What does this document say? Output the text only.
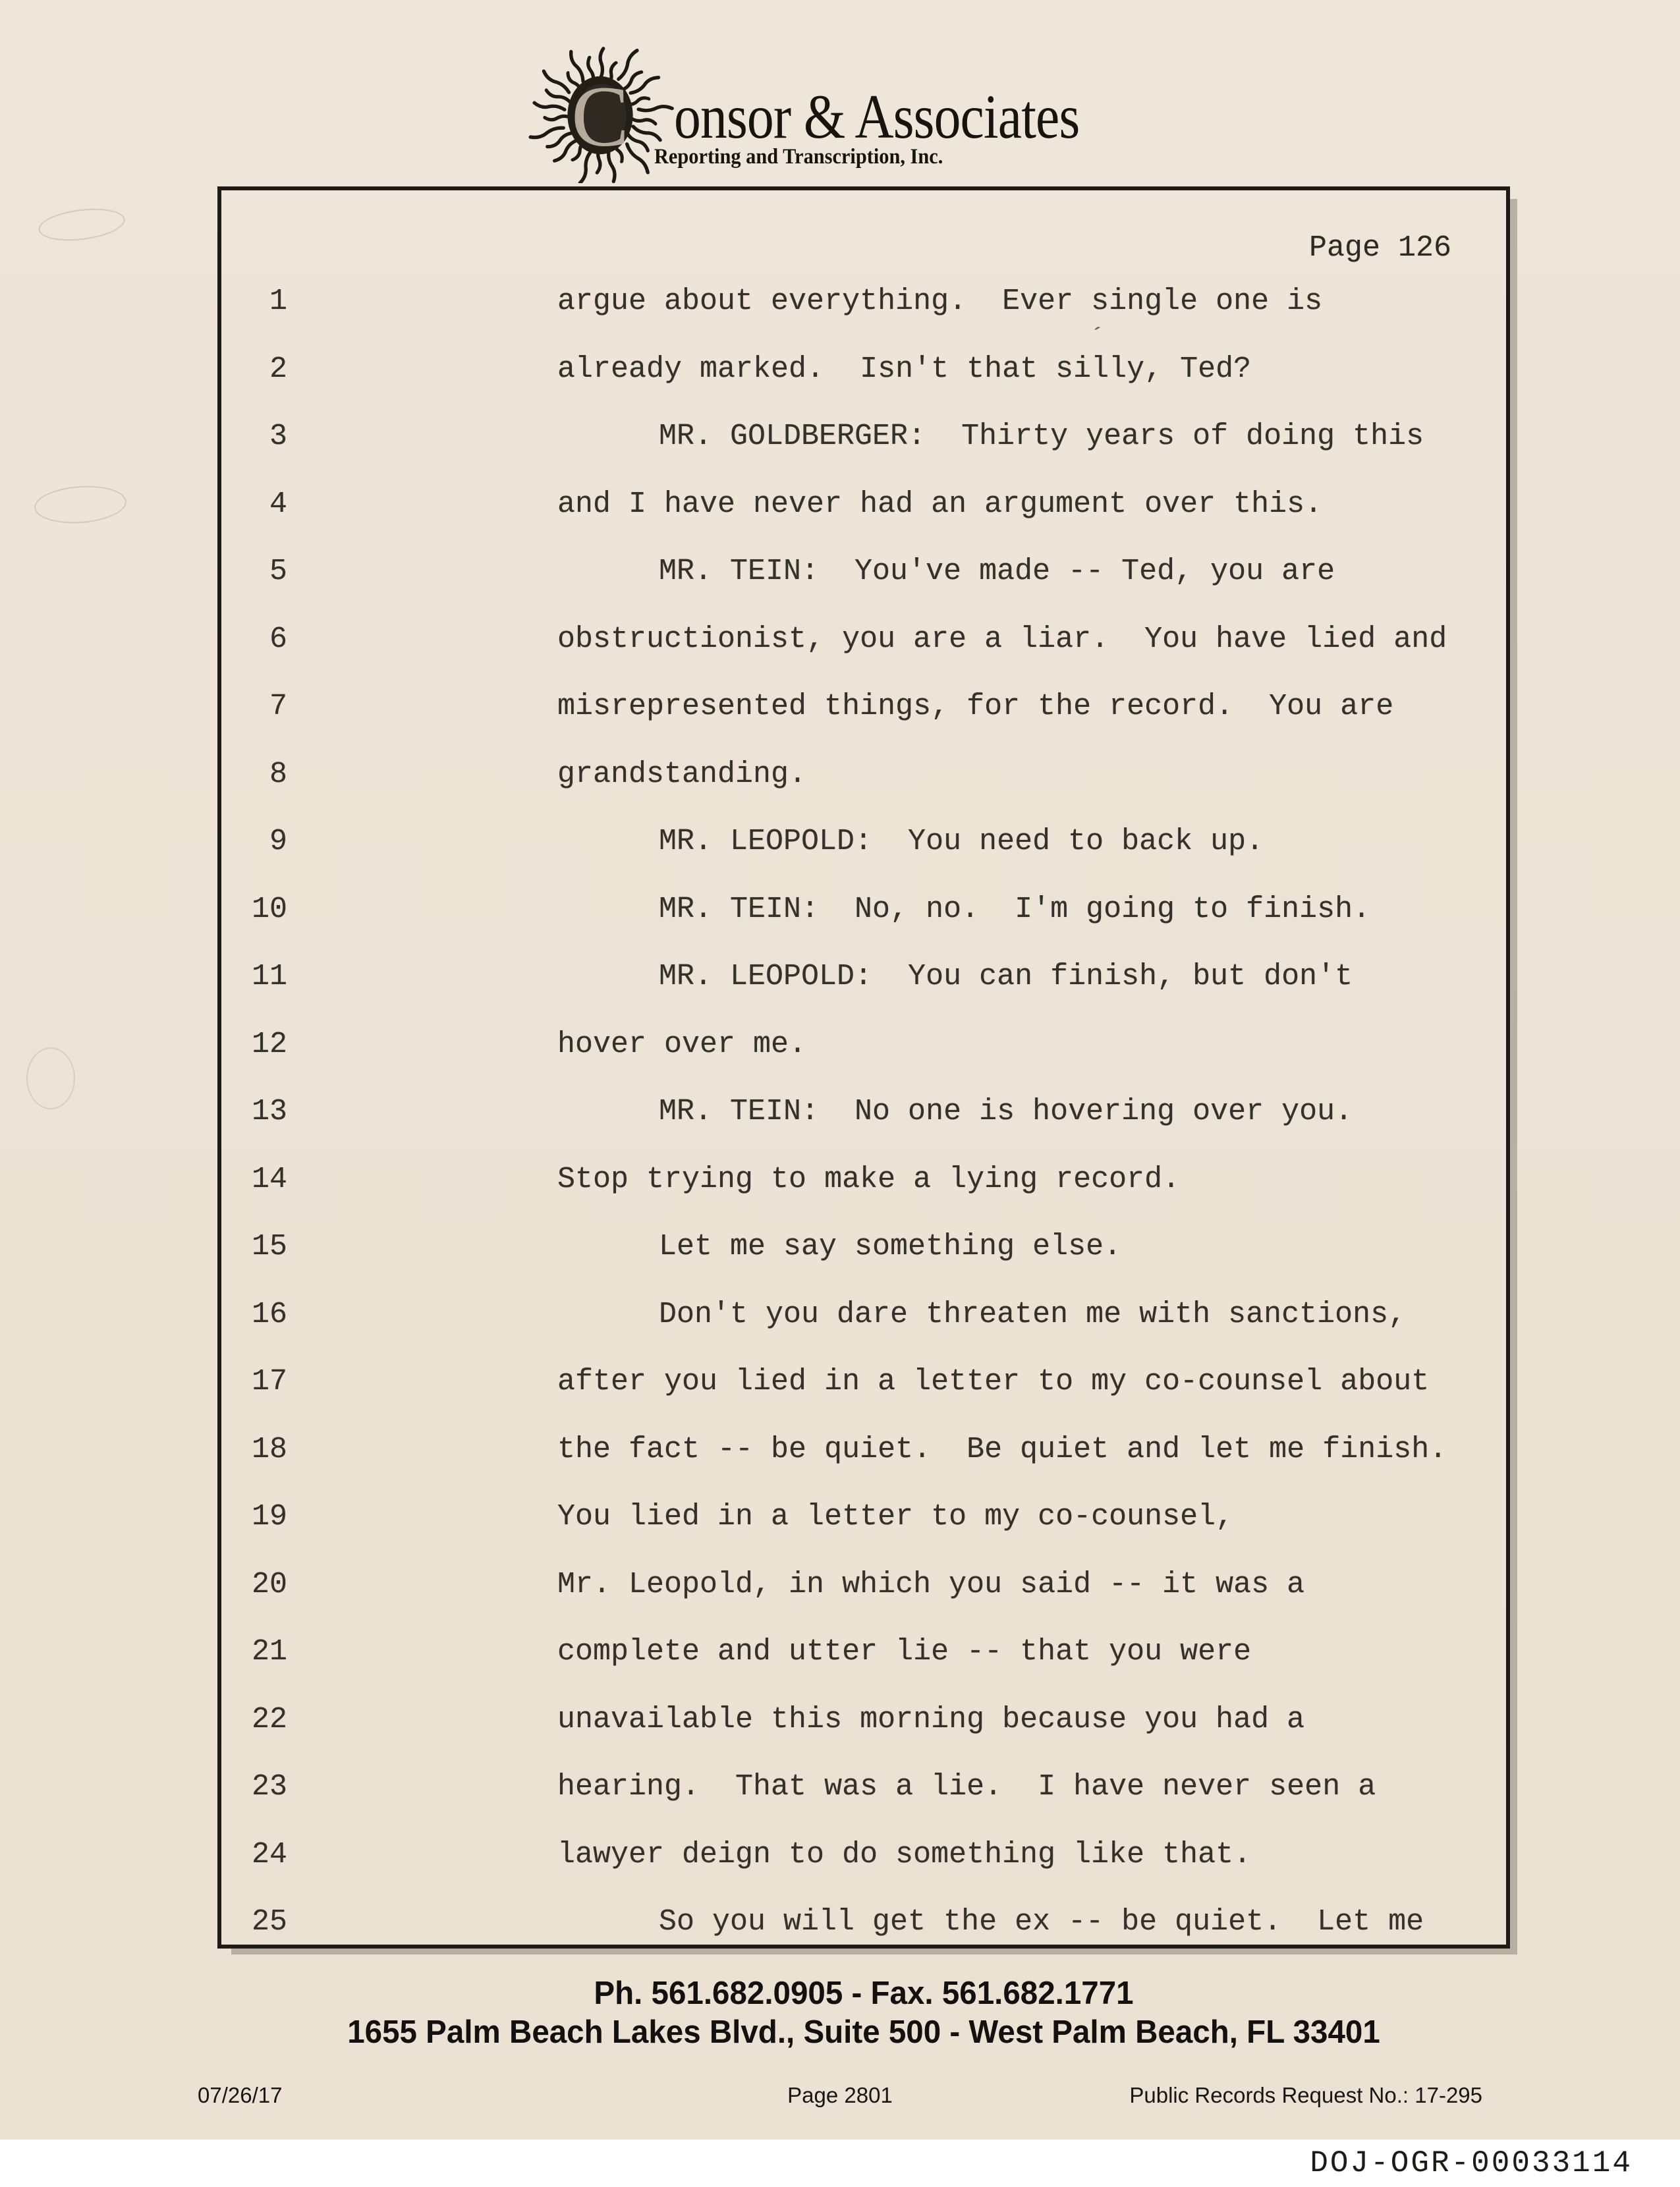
C onsor & Associates
Reporting and Transcription, Inc.
´
Page 126
1	argue about everything.  Ever single one is
2	already marked.  Isn't that silly, Ted?
3	MR. GOLDBERGER:  Thirty years of doing this
4	and I have never had an argument over this.
5	MR. TEIN:  You've made -- Ted, you are
6	obstructionist, you are a liar.  You have lied and
7	misrepresented things, for the record.  You are
8	grandstanding.
9	MR. LEOPOLD:  You need to back up.
10	MR. TEIN:  No, no.  I'm going to finish.
11	MR. LEOPOLD:  You can finish, but don't
12	hover over me.
13	MR. TEIN:  No one is hovering over you.
14	Stop trying to make a lying record.
15	Let me say something else.
16	Don't you dare threaten me with sanctions,
17	after you lied in a letter to my co-counsel about
18	the fact -- be quiet.  Be quiet and let me finish.
19	You lied in a letter to my co-counsel,
20	Mr. Leopold, in which you said -- it was a
21	complete and utter lie -- that you were
22	unavailable this morning because you had a
23	hearing.  That was a lie.  I have never seen a
24	lawyer deign to do something like that.
25	So you will get the ex -- be quiet.  Let me
Ph. 561.682.0905 - Fax. 561.682.1771
1655 Palm Beach Lakes Blvd., Suite 500 - West Palm Beach, FL 33401
07/26/17	Page 2801	Public Records Request No.: 17-295
DOJ-OGR-00033114
